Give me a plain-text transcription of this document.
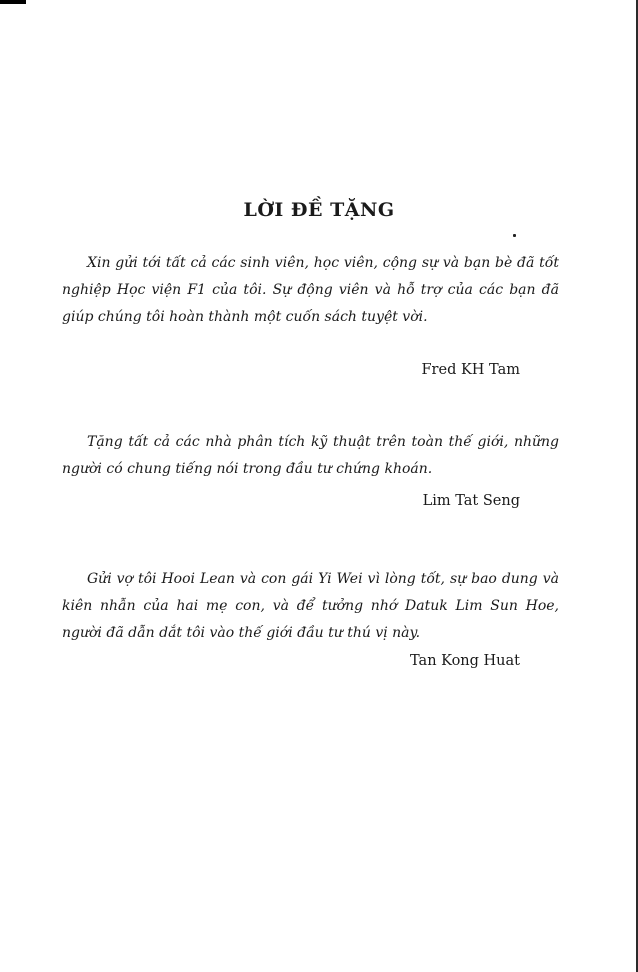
LỜI ĐỀ TẶNG

Xin gửi tới tất cả các sinh viên, học viên, cộng sự và bạn bè đã tốt nghiệp Học viện F1 của tôi. Sự động viên và hỗ trợ của các bạn đã giúp chúng tôi hoàn thành một cuốn sách tuyệt vời.

Fred KH Tam

Tặng tất cả các nhà phân tích kỹ thuật trên toàn thế giới, những người có chung tiếng nói trong đầu tư chứng khoán.

Lim Tat Seng

Gửi vợ tôi Hooi Lean và con gái Yi Wei vì lòng tốt, sự bao dung và kiên nhẫn của hai mẹ con, và để tưởng nhớ Datuk Lim Sun Hoe, người đã dẫn dắt tôi vào thế giới đầu tư thú vị này.

Tan Kong Huat
